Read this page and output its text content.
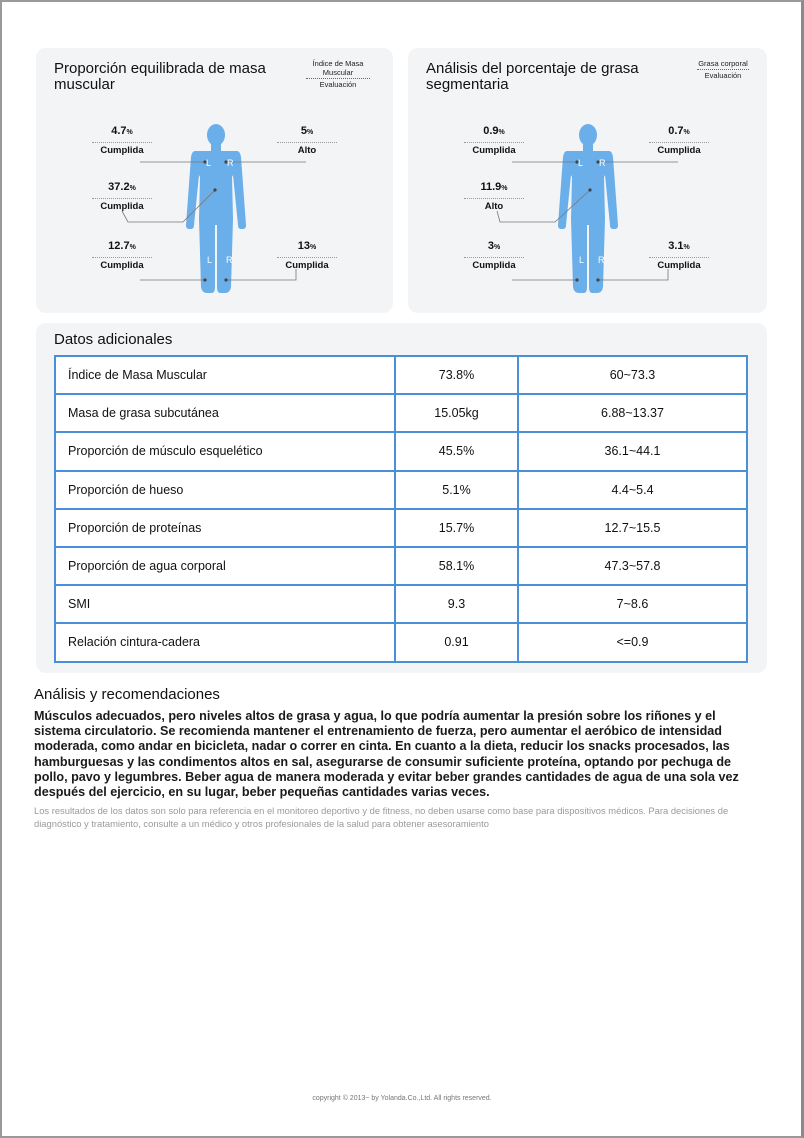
Proporción equilibrada de masa muscular
Índice de Masa Muscular
Evaluación
Análisis del porcentaje de grasa segmentaria
Grasa corporal
Evaluación
L R
L R
L R
L R
4.7%
Cumplida
5%
Alto
37.2%
Cumplida
12.7%
Cumplida
13%
Cumplida
0.9%
Cumplida
0.7%
Cumplida
11.9%
Alto
3%
Cumplida
3.1%
Cumplida
Datos adicionales
Índice de Masa Muscular	73.8%	60~73.3
Masa de grasa subcutánea	15.05kg	6.88~13.37
Proporción de músculo esquelético	45.5%	36.1~44.1
Proporción de hueso	5.1%	4.4~5.4
Proporción de proteínas	15.7%	12.7~15.5
Proporción de agua corporal	58.1%	47.3~57.8
SMI	9.3	7~8.6
Relación cintura-cadera	0.91	<=0.9
Análisis y recomendaciones
Músculos adecuados, pero niveles altos de grasa y agua, lo que podría aumentar la presión sobre los riñones y el sistema circulatorio. Se recomienda mantener el entrenamiento de fuerza, pero aumentar el aeróbico de intensidad moderada, como andar en bicicleta, nadar o correr en cinta. En cuanto a la dieta, reducir los snacks procesados, las hamburguesas y las condimentos altos en sal, asegurarse de consumir suficiente proteína, optando por pechuga de pollo, pavo y legumbres. Beber agua de manera moderada y evitar beber grandes cantidades de agua de una sola vez después del ejercicio, en su lugar, beber pequeñas cantidades varias veces.
Los resultados de los datos son solo para referencia en el monitoreo deportivo y de fitness, no deben usarse como base para dispositivos médicos. Para decisiones de diagnóstico y tratamiento, consulte a un médico y otros profesionales de la salud para obtener asesoramiento
copyright © 2013~ by Yolanda.Co.,Ltd. All rights reserved.
